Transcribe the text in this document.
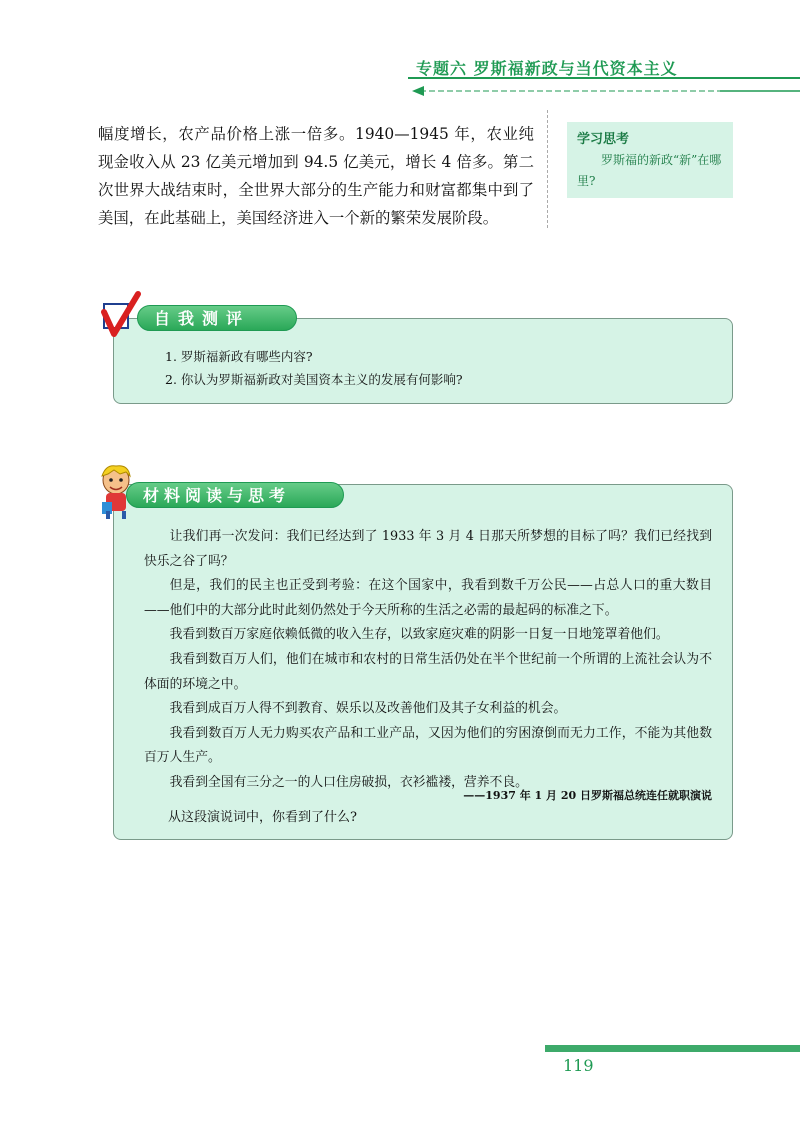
专题六 罗斯福新政与当代资本主义
幅度增长，农产品价格上涨一倍多。1940—1945 年，农业纯现金收入从 23 亿美元增加到 94.5 亿美元，增长 4 倍多。第二次世界大战结束时，全世界大部分的生产能力和财富都集中到了美国，在此基础上，美国经济进入一个新的繁荣发展阶段。
学习思考
罗斯福的新政“新”在哪里?
自我测评
1. 罗斯福新政有哪些内容?
2. 你认为罗斯福新政对美国资本主义的发展有何影响?
材料阅读与思考

让我们再一次发问：我们已经达到了 1933 年 3 月 4 日那天所梦想的目标了吗？我们已经找到快乐之谷了吗？

但是，我们的民主也正受到考验：在这个国家中，我看到数千万公民——占总人口的重大数目——他们中的大部分此时此刻仍然处于今天所称的生活之必需的最起码的标准之下。

我看到数百万家庭依赖低微的收入生存，以致家庭灾难的阴影一日复一日地笼罩着他们。

我看到数百万人们，他们在城市和农村的日常生活仍处在半个世纪前一个所谓的上流社会认为不体面的环境之中。

我看到成百万人得不到教育、娱乐以及改善他们及其子女利益的机会。

我看到数百万人无力购买农产品和工业产品，又因为他们的穷困潦倒而无力工作，不能为其他数百万人生产。

我看到全国有三分之一的人口住房破损，衣衫褴褛，营养不良。

——1937 年 1 月 20 日罗斯福总统连任就职演说
从这段演说词中，你看到了什么?
119
